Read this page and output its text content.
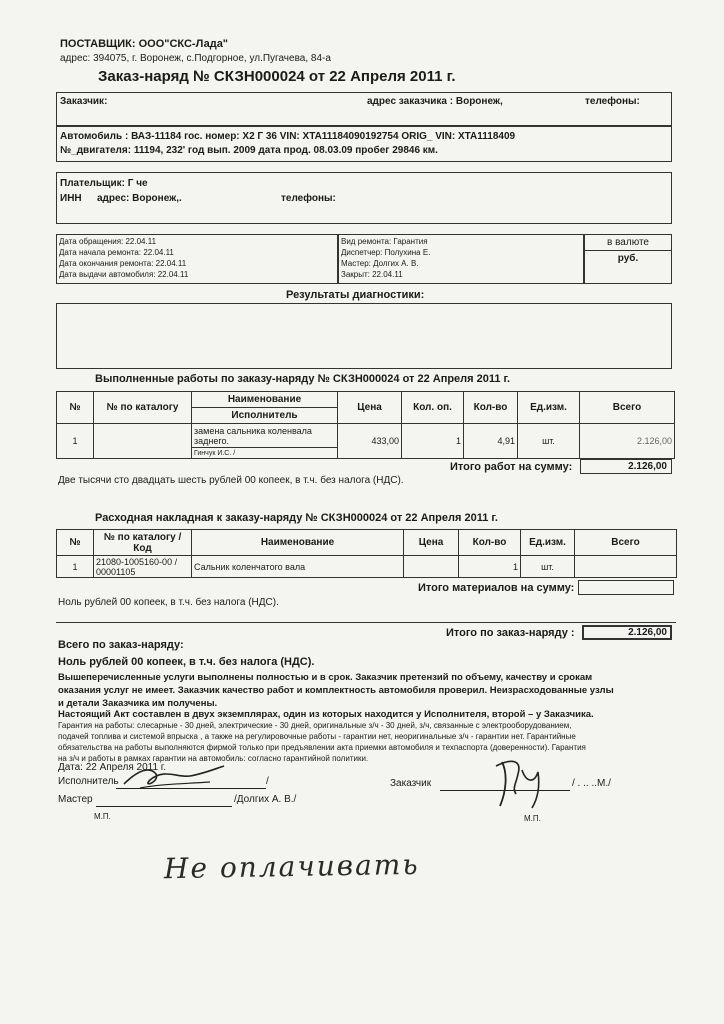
ПОСТАВЩИК: ООО"СКС-Лада"
адрес: 394075, г. Воронеж, с.Подгорное, ул.Пугачева, 84-а
Заказ-наряд № СКЗН000024 от 22 Апреля 2011 г.
Заказчик:	адрес заказчика : Воронеж,	телефоны:
Автомобиль : ВАЗ-11184 гос. номер: Х2 Г 36 VIN: XTA11184090192754 ORIG_ VIN: XTA1118409
№_двигателя: 11194, 232' год вып. 2009 дата прод. 08.03.09 пробег 29846 км.
Плательщик: Г че
ИНН адрес: Воронеж,.	телефоны:
Дата обращения: 22.04.11
Дата начала ремонта: 22.04.11
Дата окончания ремонта: 22.04.11
Дата выдачи автомобиля: 22.04.11
Вид ремонта: Гарантия
Диспетчер: Полухина Е.
Мастер: Долгих А. В.
Закрыт: 22.04.11
в валюте
руб.
Результаты диагностики:
Выполненные работы по заказу-наряду № СКЗН000024 от 22 Апреля 2011 г.
№	№ по каталогу	Наименование	Цена	Кол. оп.	Кол-во	Ед.изм.	Всего
		Исполнитель					
1		замена сальника коленвала заднего.	433,00	1	4,91	шт.	2.126,00
		Гинчук И.С. /					
Итого работ на сумму:	2.126,00
Две тысячи сто двадцать шесть рублей 00 копеек, в т.ч. без налога (НДС).
Расходная накладная к заказу-наряду № СКЗН000024 от 22 Апреля 2011 г.
№	№ по каталогу / Код	Наименование	Цена	Кол-во	Ед.изм.	Всего
1	21080-1005160-00 / 00001105	Сальник коленчатого вала		1	шт.	
Итого материалов на сумму:
Ноль рублей 00 копеек, в т.ч. без налога (НДС).
Итого по заказ-наряду :	2.126,00
Всего по заказ-наряду:
Ноль рублей 00 копеек, в т.ч. без налога (НДС).
Вышеперечисленные услуги выполнены полностью и в срок. Заказчик претензий по объему, качеству и срокам
оказания услуг не имеет. Заказчик качество работ и комплектность автомобиля проверил. Неизрасходованные узлы
и детали Заказчика им получены.
Настоящий Акт составлен в двух экземплярах, один из которых находится у Исполнителя, второй – у Заказчика.
Гарантия на работы: слесарные - 30 дней, электрические - 30 дней, оригинальные з/ч - 30 дней, з/ч, связанные с электрооборудованием,
подачей топлива и системой впрыска , а также на регулировочные работы - гарантии нет, неоригинальные з/ч - гарантии нет. Гарантийные
обязательства на работы выполняются фирмой только при предъявлении акта приемки автомобиля и техпаспорта (доверенности). Гарантия
на з/ч и работы в рамках гарантии на автомобиль: согласно гарантийной политики.
Дата: 22 Апреля 2011 г.
Исполнитель	/
Мастер	/Долгих А. В./
М.П.
Заказчик	/ . .. ..М./
М.П.
Не оплачивать
